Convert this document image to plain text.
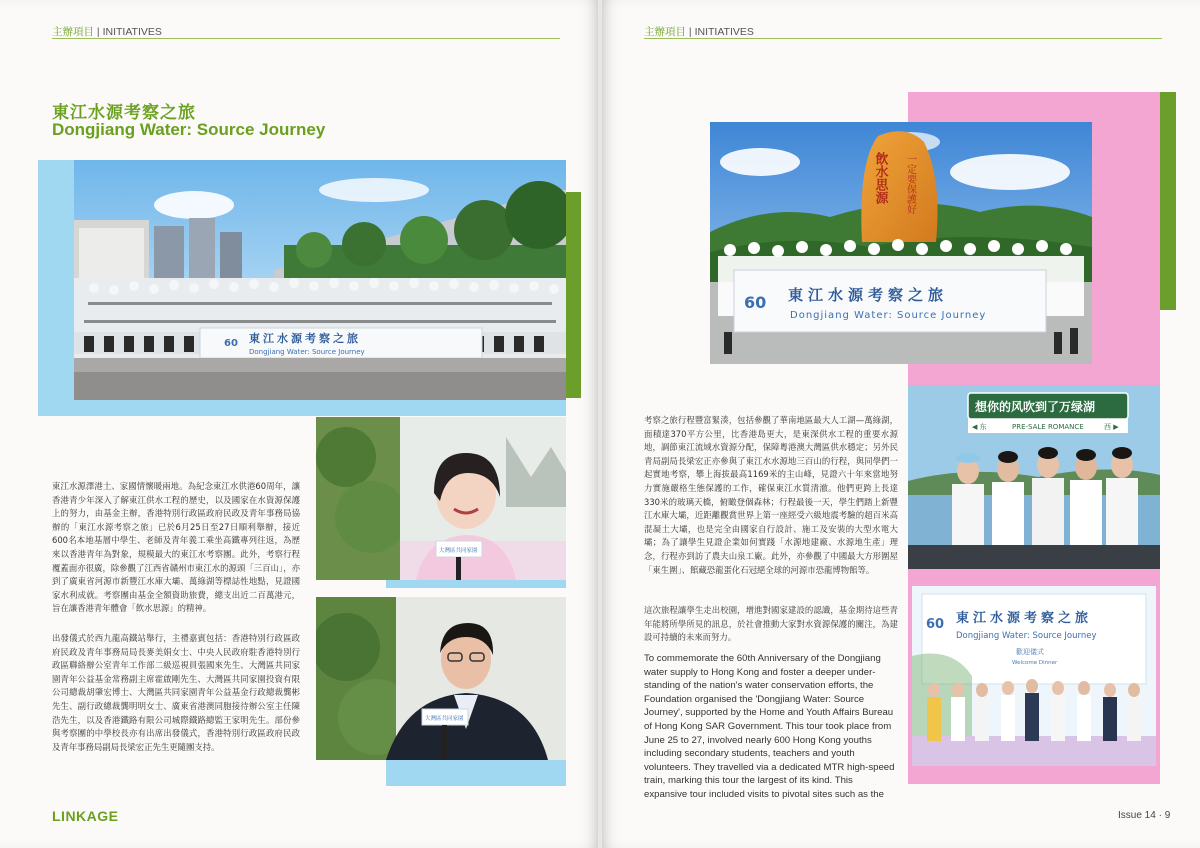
主辦項目 | INITIATIVES
東江水源考察之旅
Dongjiang Water: Source Journey
60 東江水源考察之旅
Dongjiang Water: Source Journey
大灣區共同家園
大灣區共同家園

東江水源澤港土、家國情懷暖兩地。為紀念東江水供港60周年，讓香港青少年深入了解東江供水工程的歷史，以及國家在水資源保護上的努力，由基金主辦，香港特別行政區政府民政及青年事務局協辦的「東江水源考察之旅」已於6月25日至27日順利舉辦，接近600名本地基層中學生、老師及青年義工乘坐高鐵專列往返，為歷來以香港青年為對象，規模最大的東江水考察團。此外，考察行程覆蓋面亦很廣，除參觀了江西省贛州市東江水的源頭「三百山」，亦到了廣東省河源市新豐江水庫大壩、萬綠湖等標誌性地點，見證國家水利成就。考察團由基金全額資助旅費，總支出近二百萬港元，旨在讓香港青年體會「飲水思源」的精神。

出發儀式於西九龍高鐵站舉行，主禮嘉賓包括：香港特別行政區政府民政及青年事務局局長麥美娟女士、中央人民政府駐香港特別行政區聯絡辦公室青年工作部二級巡視員張國來先生、大灣區共同家園青年公益基金常務副主席霍啟剛先生、大灣區共同家園投資有限公司總裁胡肇宏博士、大灣區共同家園青年公益基金行政總裁龔彬先生、副行政總裁龔明明女士、廣東省港澳同胞接待辦公室主任陳浩先生，以及香港鐵路有限公司城際鐵路總監王家明先生。部份參與考察團的中學校長亦有出席出發儀式，香港特別行政區政府民政及青年事務局副局長梁宏正先生更隨團支持。

LINKAGE
主辦項目 | INITIATIVES
飲水思源 一定要保護好
60 東江水源考察之旅
Dongjiang Water: Source Journey
想你的风吹到了万绿湖
◀ 东	PRE-SALE ROMANCE	西 ▶
60 東江水源考察之旅
Dongjiang Water: Source Journey
歡迎儀式
Welcome Dinner

考察之旅行程豐富緊湊，包括參觀了華南地區最大人工湖—萬綠湖，面積達370平方公里，比香港島更大，是東深供水工程的重要水源地，調節東江流域水資源分配，保障粵港澳大灣區供水穩定；另外民青局副局長梁宏正亦參與了東江水水源地三百山的行程，與同學們一起實地考察，攀上海拔最高1169米的主山峰，見證六十年來當地努力實施嚴格生態保護的工作，確保東江水質清澈。他們更跨上長達330米的玻璃天橋，俯瞰登個森林；行程最後一天，學生們踏上新豐江水庫大壩，近距離觀賞世界上第一座經受六級地震考驗的超百米高混凝土大壩，也是完全由國家自行設計、施工及安裝的大型水電大壩；為了讓學生見證企業如何實踐「水源地建廠、水源地生產」理念，行程亦到訪了農夫山泉工廠。此外，亦參觀了中國最大方形圍屋「東生圍」、館藏恐龍蛋化石冠絕全球的河源市恐龍博物館等。

這次旅程讓學生走出校園，增進對國家建設的認識，基金期待這些青年能將所學所見的訊息，於社會推動大家對水資源保護的關注，為建設可持續的未來而努力。

To commemorate the 60th Anniversary of the Dongjiang water supply to Hong Kong and foster a deeper under-standing of the nation's water conservation efforts, the Foundation organised the 'Dongjiang Water: Source Journey', supported by the Home and Youth Affairs Bureau of Hong Kong SAR Government. This tour took place from June 25 to 27, involved nearly 600 Hong Kong youths including secondary students, teachers and youth volunteers. They travelled via a dedicated MTR high-speed train, marking this tour the largest of its kind. This expansive tour included visits to pivotal sites such as the

Issue 14 · 9
